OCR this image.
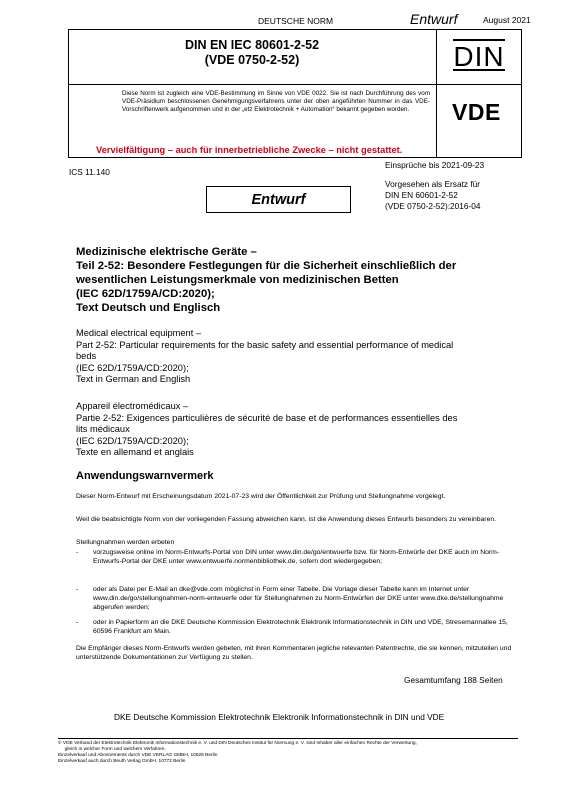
DEUTSCHE NORM	Entwurf	August 2021
DIN EN IEC 80601-2-52
(VDE 0750-2-52)	DIN
Diese Norm ist zugleich eine VDE-Bestimmung im Sinne von VDE 0022. Sie ist nach Durchführung des vom VDE-Präsidium beschlossenen Genehmigungsverfahrens unter der oben angeführten Nummer in das VDE-Vorschriftenwerk aufgenommen und in der „etz Elektrotechnik + Automation“ bekannt gegeben worden.	VDE
Vervielfältigung – auch für innerbetriebliche Zwecke – nicht gestattet.
Einsprüche bis 2021-09-23
ICS 11.140
Vorgesehen als Ersatz für
DIN EN 60601-2-52
(VDE 0750-2-52):2016-04
Entwurf
Medizinische elektrische Geräte –
Teil 2-52: Besondere Festlegungen für die Sicherheit einschließlich der
wesentlichen Leistungsmerkmale von medizinischen Betten
(IEC 62D/1759A/CD:2020);
Text Deutsch und Englisch
Medical electrical equipment –
Part 2-52: Particular requirements for the basic safety and essential performance of medical
beds
(IEC 62D/1759A/CD:2020);
Text in German and English
Appareil électromédicaux –
Partie 2-52: Exigences particulières de sécurité de base et de performances essentielles des
lits médicaux
(IEC 62D/1759A/CD:2020);
Texte en allemand et anglais
Anwendungswarnvermerk
Dieser Norm-Entwurf mit Erscheinungsdatum 2021-07-23 wird der Öffentlichkeit zur Prüfung und Stellungnahme vorgelegt.
Weil die beabsichtigte Norm von der vorliegenden Fassung abweichen kann, ist die Anwendung dieses Entwurfs besonders zu vereinbaren.
Stellungnahmen werden erbeten
- vorzugsweise online im Norm-Entwurfs-Portal von DIN unter www.din.de/go/entwuerfe bzw. für Norm-Entwürfe der DKE auch im Norm-Entwurfs-Portal der DKE unter www.entwuerfe.normenbibliothek.de, sofern dort wiedergegeben;
- oder als Datei per E-Mail an dke@vde.com möglichst in Form einer Tabelle. Die Vorlage dieser Tabelle kann im Internet unter www.din.de/go/stellungnahmen-norm-entwuerfe oder für Stellungnahmen zu Norm-Entwürfen der DKE unter www.dke.de/stellungnahme abgerufen werden;
- oder in Papierform an die DKE Deutsche Kommission Elektrotechnik Elektronik Informationstechnik in DIN und VDE, Stresemannallee 15, 60596 Frankfurt am Main.
Die Empfänger dieses Norm-Entwurfs werden gebeten, mit ihren Kommentaren jegliche relevanten Patentrechte, die sie kennen, mitzuteilen und unterstützende Dokumentationen zur Verfügung zu stellen.
Gesamtumfang 188 Seiten
DKE Deutsche Kommission Elektrotechnik Elektronik Informationstechnik in DIN und VDE
© VDE Verband der Elektrotechnik Elektronik Informationstechnik e. V. und DIN Deutsches Institut für Normung e. V. sind Inhaber aller einfachen Rechte der Verwertung,
gleich in welcher Form und welchem Verfahren.
Einzelverkauf und Abonnements durch VDE VERLAG GMBH, 10625 Berlin
Einzelverkauf auch durch Beuth Verlag GmbH, 10772 Berlin
